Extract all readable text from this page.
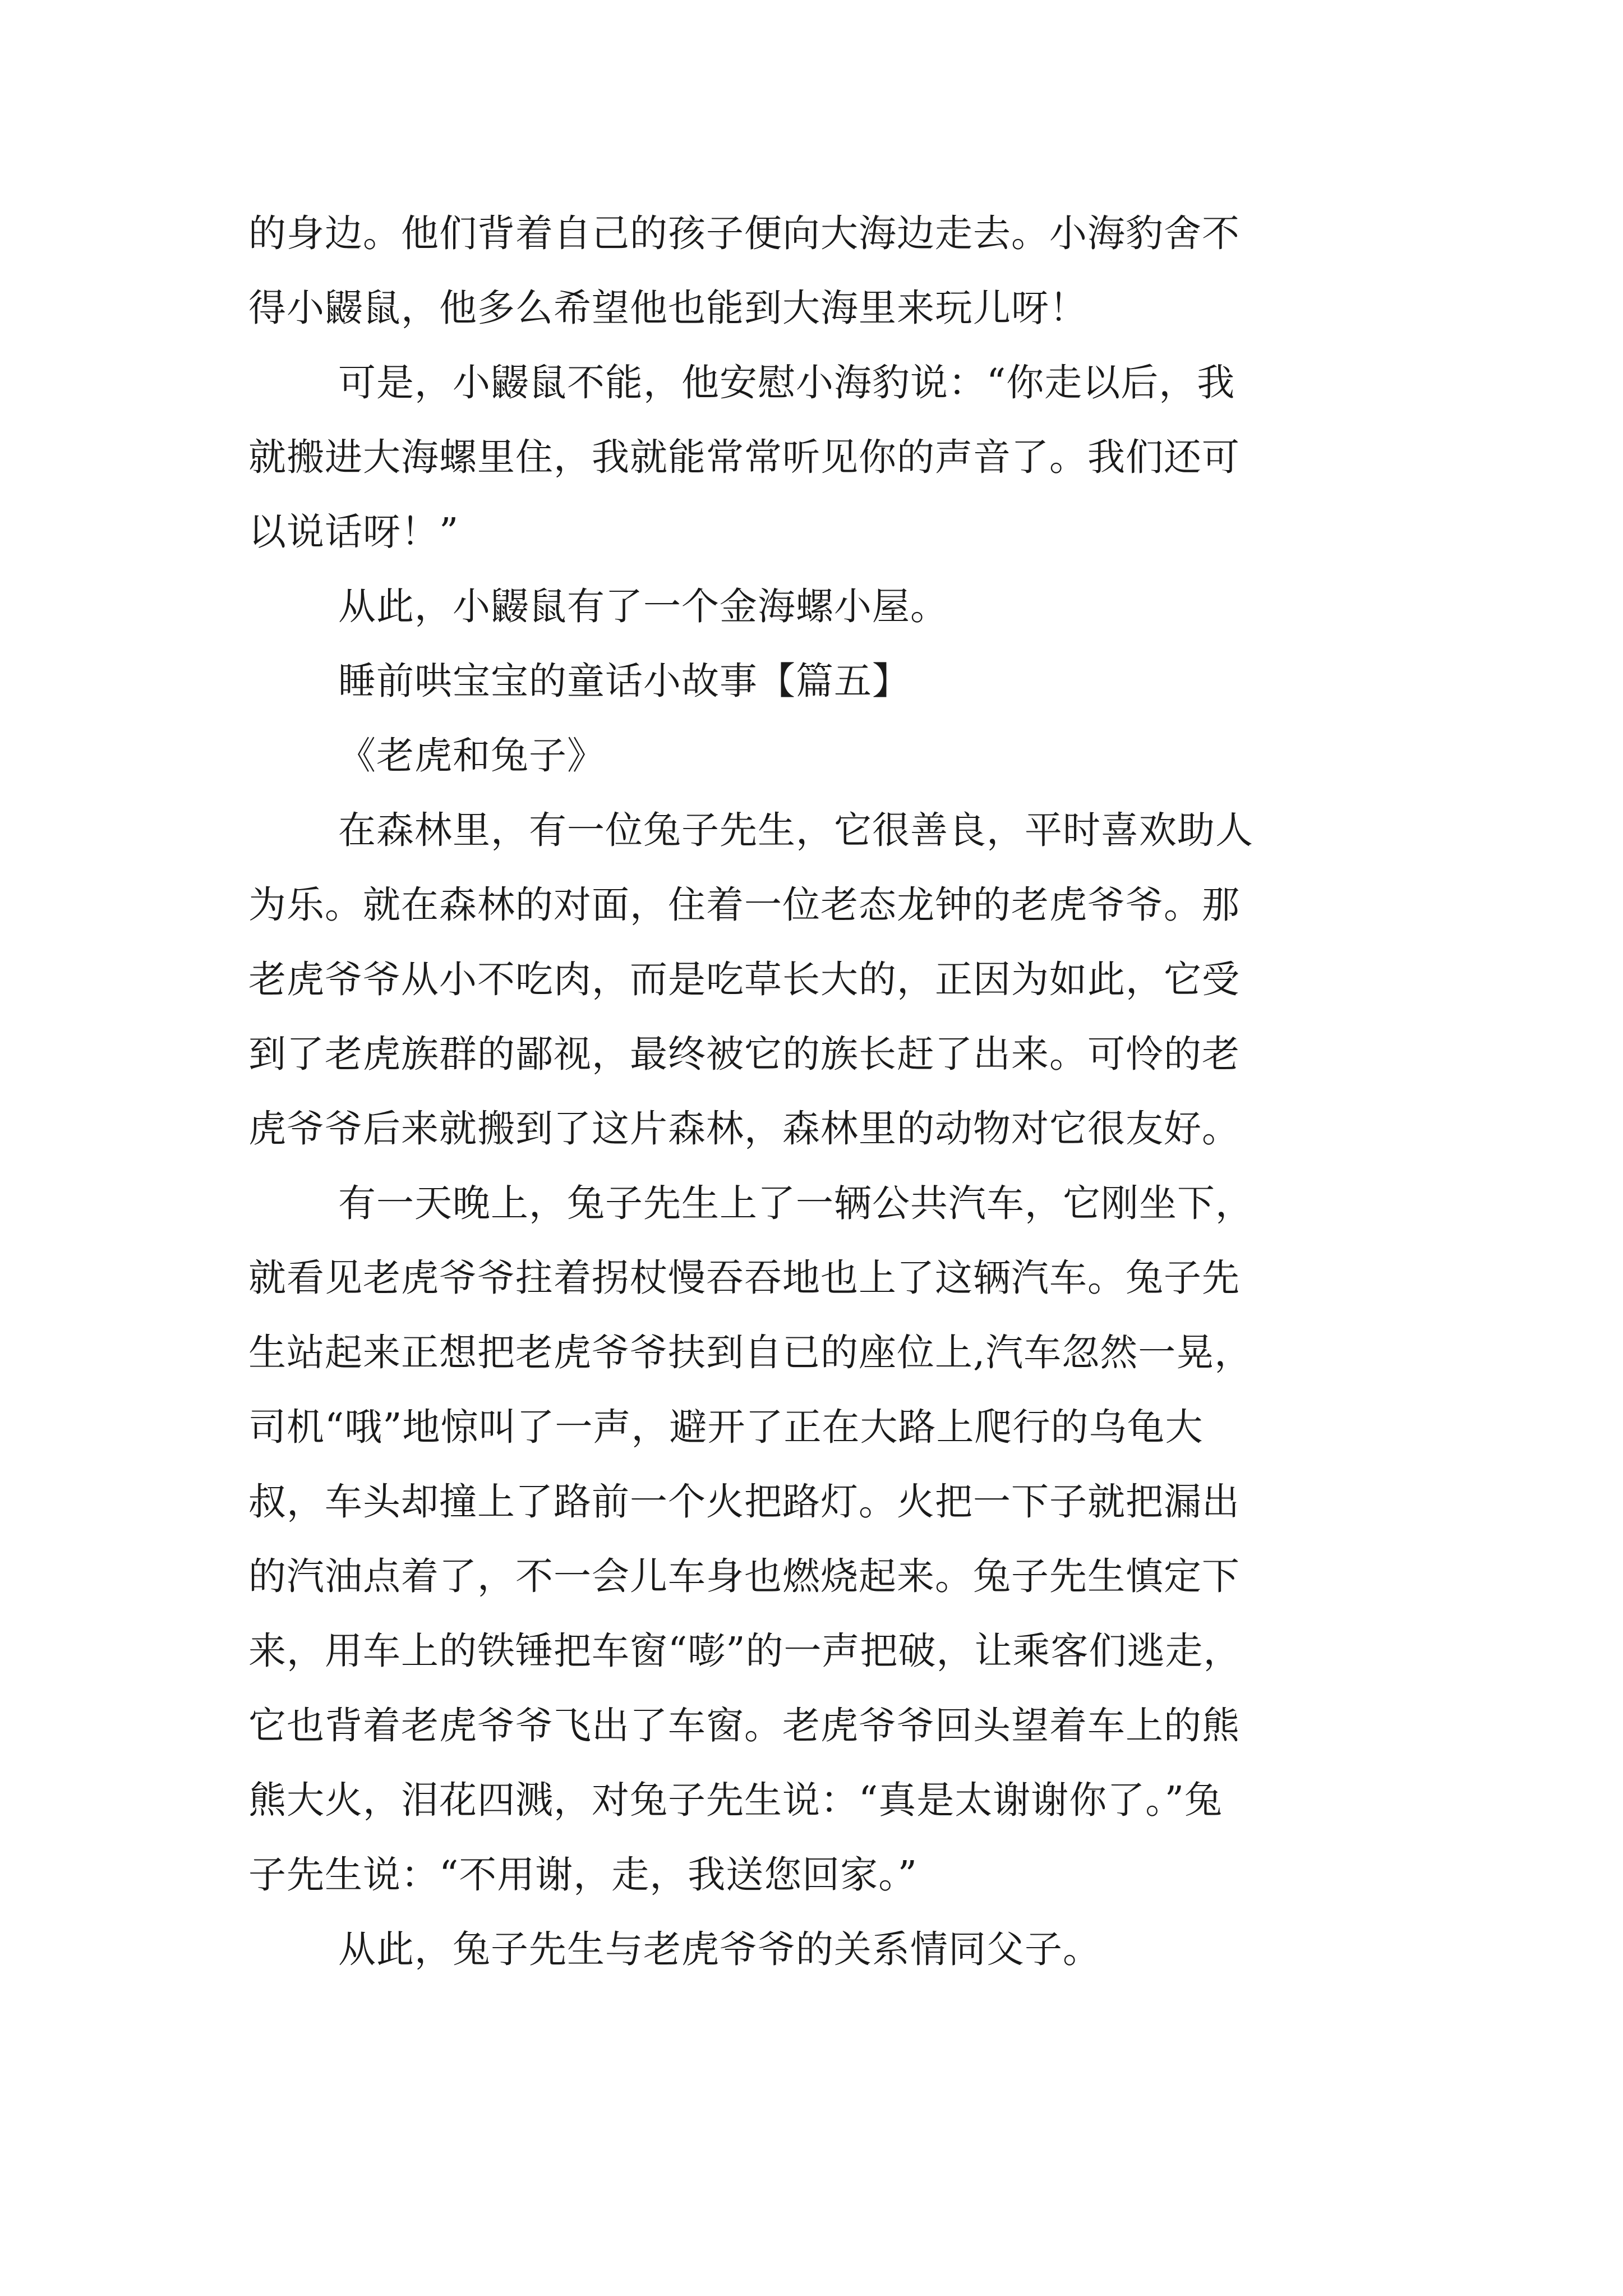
的身边。他们背着自己的孩子便向大海边走去。小海豹舍不

得小鼹鼠，他多么希望他也能到大海里来玩儿呀！

可是，小鼹鼠不能，他安慰小海豹说：“你走以后，我

就搬进大海螺里住，我就能常常听见你的声音了。我们还可

以说话呀！”

从此，小鼹鼠有了一个金海螺小屋。

睡前哄宝宝的童话小故事【篇五】

《老虎和兔子》

在森林里，有一位兔子先生，它很善良，平时喜欢助人

为乐。就在森林的对面，住着一位老态龙钟的老虎爷爷。那

老虎爷爷从小不吃肉，而是吃草长大的，正因为如此，它受

到了老虎族群的鄙视，最终被它的族长赶了出来。可怜的老

虎爷爷后来就搬到了这片森林，森林里的动物对它很友好。

有一天晚上，兔子先生上了一辆公共汽车，它刚坐下，

就看见老虎爷爷拄着拐杖慢吞吞地也上了这辆汽车。兔子先

生站起来正想把老虎爷爷扶到自已的座位上,汽车忽然一晃，

司机“哦”地惊叫了一声，避开了正在大路上爬行的乌龟大

叔，车头却撞上了路前一个火把路灯。火把一下子就把漏出

的汽油点着了，不一会儿车身也燃烧起来。兔子先生慎定下

来，用车上的铁锤把车窗“嘭”的一声把破，让乘客们逃走，

它也背着老虎爷爷飞出了车窗。老虎爷爷回头望着车上的熊

熊大火，泪花四溅，对兔子先生说：“真是太谢谢你了。”兔

子先生说：“不用谢，走，我送您回家。”

从此，兔子先生与老虎爷爷的关系情同父子。
